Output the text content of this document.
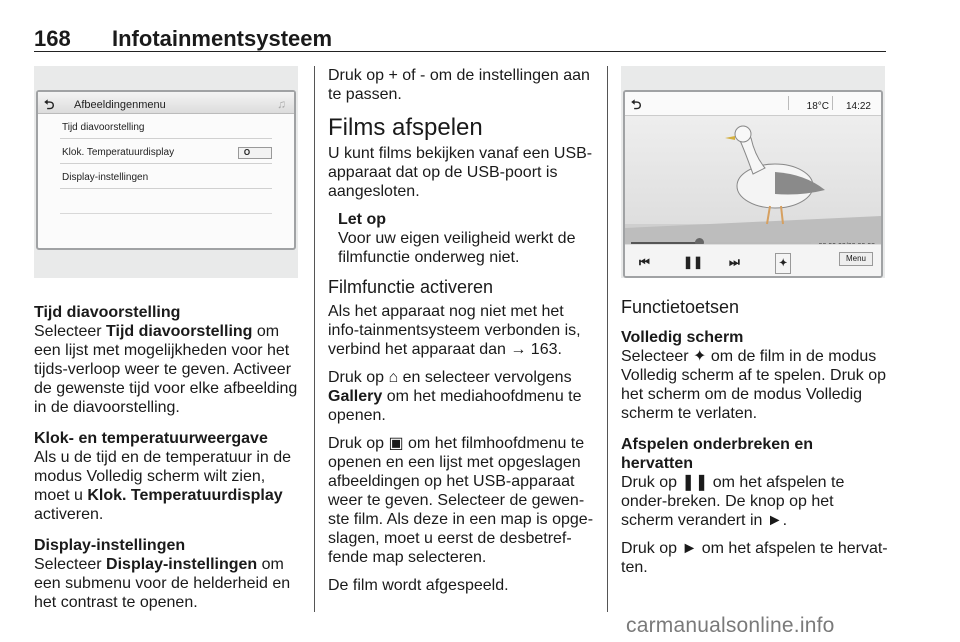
168 Infotainmentsysteem
⮌ Afbeeldingenmenu	♫
Tijd diavoorstelling
Klok. Temperatuurdisplay	O
Display-instellingen
Tijd diavoorstelling

Selecteer Tijd diavoorstelling om een lijst met mogelijkheden voor het tijds-verloop weer te geven. Activeer de gewenste tijd voor elke afbeelding in de diavoorstelling.

Klok- en temperatuurweergave

Als u de tijd en de temperatuur in de modus Volledig scherm wilt zien, moet u Klok. Temperatuurdisplay activeren.

Display-instellingen

Selecteer Display-instellingen om een submenu voor de helderheid en het contrast te openen.

Druk op + of - om de instellingen aan te passen.

Films afspelen

U kunt films bekijken vanaf een USB-apparaat dat op de USB-poort is aangesloten.

Let op

Voor uw eigen veiligheid werkt de filmfunctie onderweg niet.

Filmfunctie activeren

Als het apparaat nog niet met het info-tainmentsysteem verbonden is, verbind het apparaat dan → 163.

Druk op ⌂ en selecteer vervolgens Gallery om het mediahoofdmenu te openen.

Druk op ▣ om het filmhoofdmenu te openen en een lijst met opgeslagen afbeeldingen op het USB-apparaat weer te geven. Selecteer de gewen-ste film. Als deze in een map is opge-slagen, moet u eerst de desbetref-fende map selecteren.

De film wordt afgespeeld.

⮌	18°C 14:22
⏮	❚❚ ⏭	✦	Menu
Functietoetsen
Volledig scherm

Selecteer ✦ om de film in de modus Volledig scherm af te spelen. Druk op het scherm om de modus Volledig scherm te verlaten.

Afspelen onderbreken en hervatten

Druk op ❚❚ om het afspelen te onder-breken. De knop op het scherm verandert in ►.

Druk op ► om het afspelen te hervat-ten.

carmanualsonline.info
